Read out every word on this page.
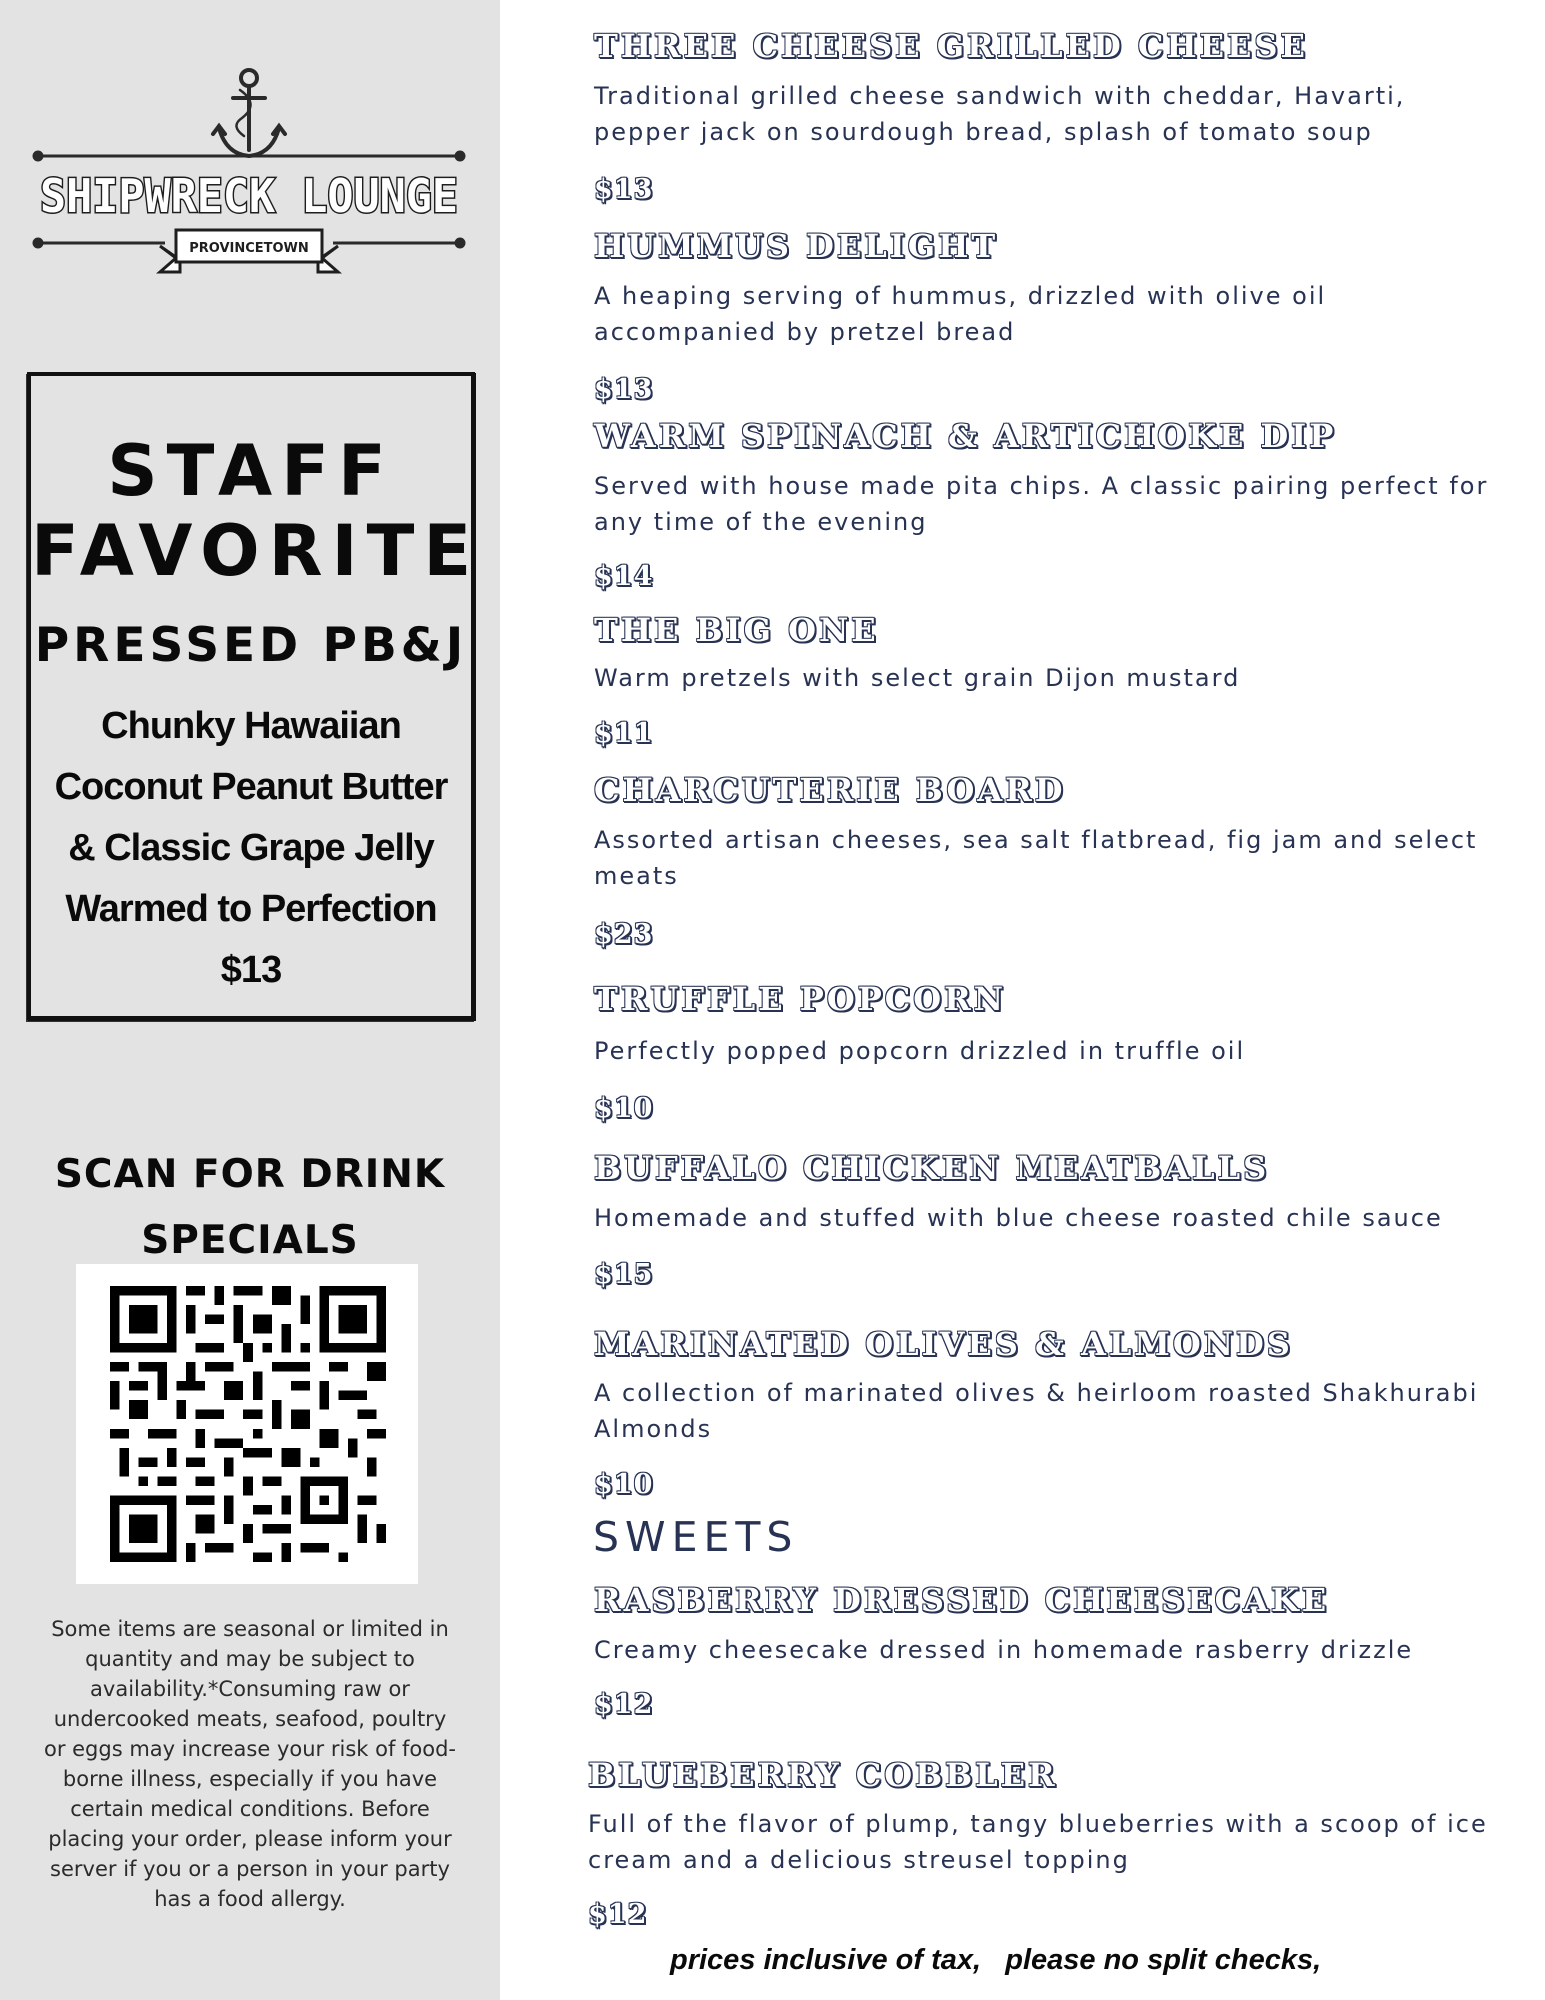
SHIPWRECK LOUNGE
PROVINCETOWN
STAFF
FAVORITE
PRESSED PB&J
Chunky Hawaiian
Coconut Peanut Butter
& Classic Grape Jelly
Warmed to Perfection
$13
SCAN FOR DRINK SPECIALS
Some items are seasonal or limited in quantity and may be subject to availability.*Consuming raw or undercooked meats, seafood, poultry or eggs may increase your risk of food-borne illness, especially if you have certain medical conditions. Before placing your order, please inform your server if you or a person in your party has a food allergy.
THREE CHEESE GRILLED CHEESE
Traditional grilled cheese sandwich with cheddar, Havarti, pepper jack on sourdough bread, splash of tomato soup
$13
HUMMUS DELIGHT
A heaping serving of hummus, drizzled with olive oil accompanied by pretzel bread
$13
WARM SPINACH & ARTICHOKE DIP
Served with house made pita chips. A classic pairing perfect for any time of the evening
$14
THE BIG ONE
Warm pretzels with select grain Dijon mustard
$11
CHARCUTERIE BOARD
Assorted artisan cheeses, sea salt flatbread, fig jam and select meats
$23
TRUFFLE POPCORN
Perfectly popped popcorn drizzled in truffle oil
$10
BUFFALO CHICKEN MEATBALLS
Homemade and stuffed with blue cheese roasted chile sauce
$15
MARINATED OLIVES & ALMONDS
A collection of marinated olives & heirloom roasted Shakhurabi Almonds
$10
SWEETS
RASBERRY DRESSED CHEESECAKE
Creamy cheesecake dressed in homemade rasberry drizzle
$12
BLUEBERRY COBBLER
Full of the flavor of plump, tangy blueberries with a scoop of ice cream and a delicious streusel topping
$12
prices inclusive of tax,   please no split checks,
